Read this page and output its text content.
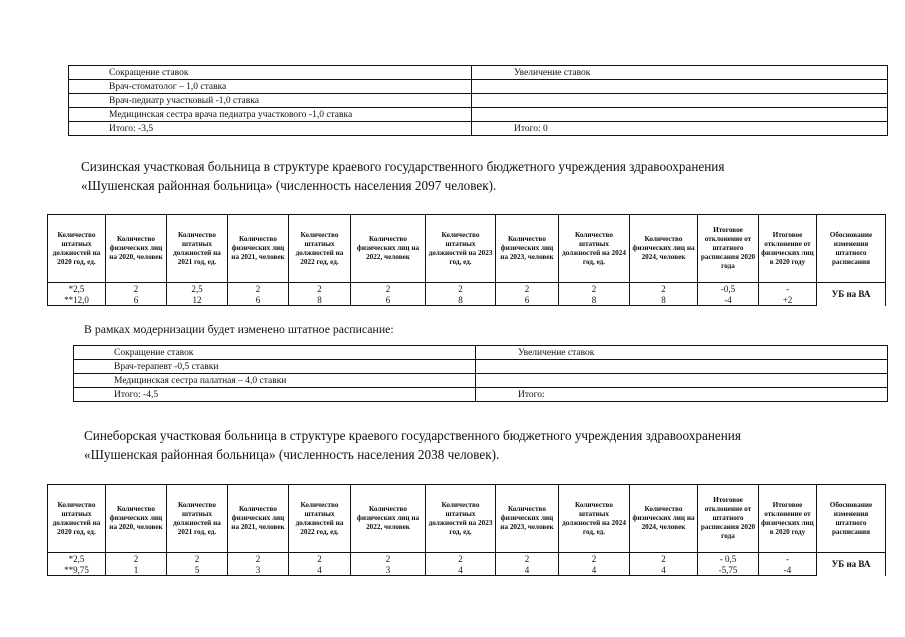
Сокращение ставок	Увеличение ставок
Врач-стоматолог – 1,0 ставка	
Врач-педиатр участковый -1,0 ставка	
Медицинская сестра врача педиатра участкового -1,0 ставка	
Итого: -3,5	Итого: 0
Сизинская участковая больница в структуре краевого государственного бюджетного учреждения здравоохранения
«Шушенская районная больница» (численность населения 2097 человек).
Количество штатных должностей на 2020 год, ед.	Количество физических лиц на 2020, человек	Количество штатных должностей на 2021 год, ед.	Количество физических лиц на 2021, человек	Количество штатных должностей на 2022 год, ед.	Количество физических лиц на 2022, человек	Количество штатных должностей на 2023 год, ед.	Количество физических лиц на 2023, человек	Количество штатных должностей на 2024 год, ед.	Количество физических лиц на 2024, человек	Итоговое отклонение от штатного расписания 2020 года	Итоговое отклонение от физических лиц в 2020 году	Обоснование изменения штатного расписания
*2,5	2	2,5	2	2	2	2	2	2	2	-0,5	-	УБ на ВА
**12,0	6	12	6	8	6	8	6	8	8	-4	+2	
В рамках модернизации будет изменено штатное расписание:
Сокращение ставок	Увеличение ставок
Врач-терапевт -0,5 ставки	
Медицинская сестра палатная – 4,0 ставки	
Итого: -4,5	Итого:
Синеборская участковая больница в структуре краевого государственного бюджетного учреждения здравоохранения
«Шушенская районная больница» (численность населения 2038 человек).
Количество штатных должностей на 2020 год, ед.	Количество физических лиц на 2020, человек	Количество штатных должностей на 2021 год, ед.	Количество физических лиц на 2021, человек	Количество штатных должностей на 2022 год, ед.	Количество физических лиц на 2022, человек	Количество штатных должностей на 2023 год, ед.	Количество физических лиц на 2023, человек	Количество штатных должностей на 2024 год, ед.	Количество физических лиц на 2024, человек	Итоговое отклонение от штатного расписания 2020 года	Итоговое отклонение от физических лиц в 2020 году	Обоснование изменения штатного расписания
*2,5	2	2	2	2	2	2	2	2	2	- 0,5	-	УБ на ВА
**9,75	1	5	3	4	3	4	4	4	4	-5,75	-4	
